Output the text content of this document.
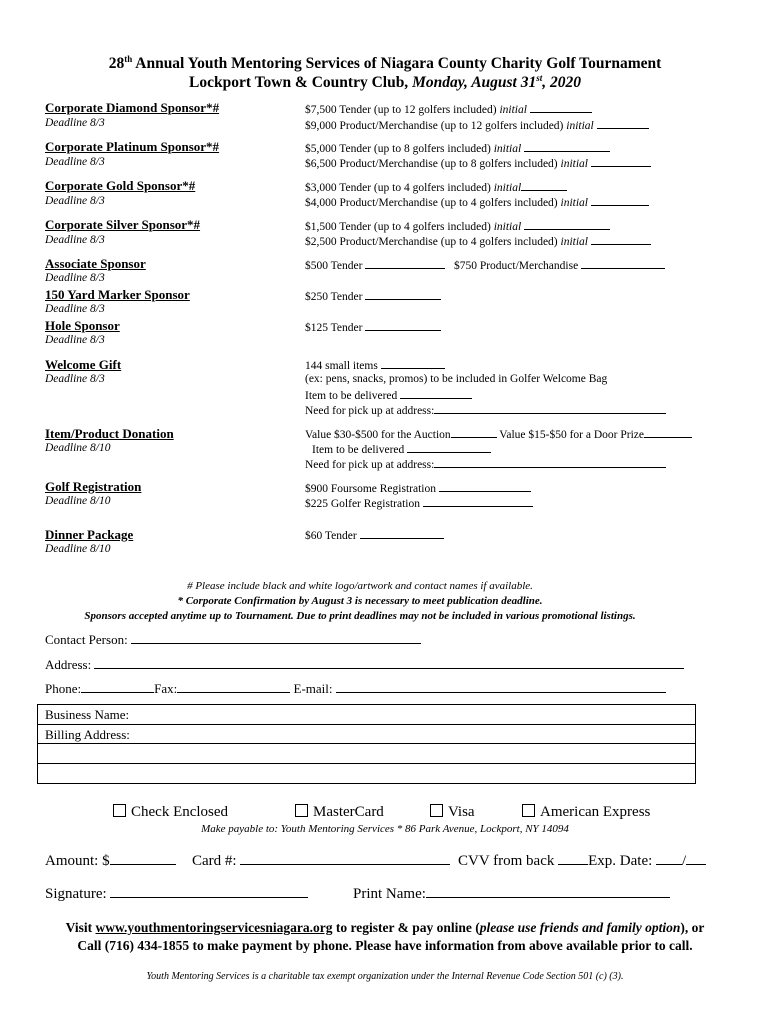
28th Annual Youth Mentoring Services of Niagara County Charity Golf Tournament
Lockport Town & Country Club, Monday, August 31st, 2020
Corporate Diamond Sponsor*#
Deadline 8/3
$7,500 Tender (up to 12 golfers included) initial
$9,000 Product/Merchandise (up to 12 golfers included) initial
Corporate Platinum Sponsor*#
Deadline 8/3
$5,000 Tender (up to 8 golfers included) initial
$6,500 Product/Merchandise (up to 8 golfers included) initial
Corporate Gold Sponsor*#
Deadline 8/3
$3,000 Tender (up to 4 golfers included) initial
$4,000 Product/Merchandise (up to 4 golfers included) initial
Corporate Silver Sponsor*#
Deadline 8/3
$1,500 Tender (up to 4 golfers included) initial
$2,500 Product/Merchandise (up to 4 golfers included) initial
Associate Sponsor
Deadline 8/3
$500 Tender	$750 Product/Merchandise
150 Yard Marker Sponsor
Deadline 8/3
$250 Tender
Hole Sponsor
Deadline 8/3
$125 Tender
Welcome Gift
Deadline 8/3
144 small items
(ex: pens, snacks, promos) to be included in Golfer Welcome Bag
Item to be delivered
Need for pick up at address:
Item/Product Donation
Deadline 8/10
Value $30-$500 for the Auction	Value $15-$50 for a Door Prize
Item to be delivered
Need for pick up at address:
Golf Registration
Deadline 8/10
$900 Foursome Registration
$225 Golfer Registration
Dinner Package
Deadline 8/10
$60 Tender
# Please include black and white logo/artwork and contact names if available.
* Corporate Confirmation by August 3 is necessary to meet publication deadline.
Sponsors accepted anytime up to Tournament. Due to print deadlines may not be included in various promotional listings.
Contact Person:
Address:
Phone:	Fax:	E-mail:
Business Name:
Billing Address:
Check Enclosed	MasterCard	Visa	American Express
Make payable to: Youth Mentoring Services * 86 Park Avenue, Lockport, NY 14094
Amount: $	Card #:	CVV from back Exp. Date: /
Signature:	Print Name:
Visit www.youthmentoringservicesniagara.org to register & pay online (please use friends and family option), or
Call (716) 434-1855 to make payment by phone. Please have information from above available prior to call.
Youth Mentoring Services is a charitable tax exempt organization under the Internal Revenue Code Section 501 (c) (3).
